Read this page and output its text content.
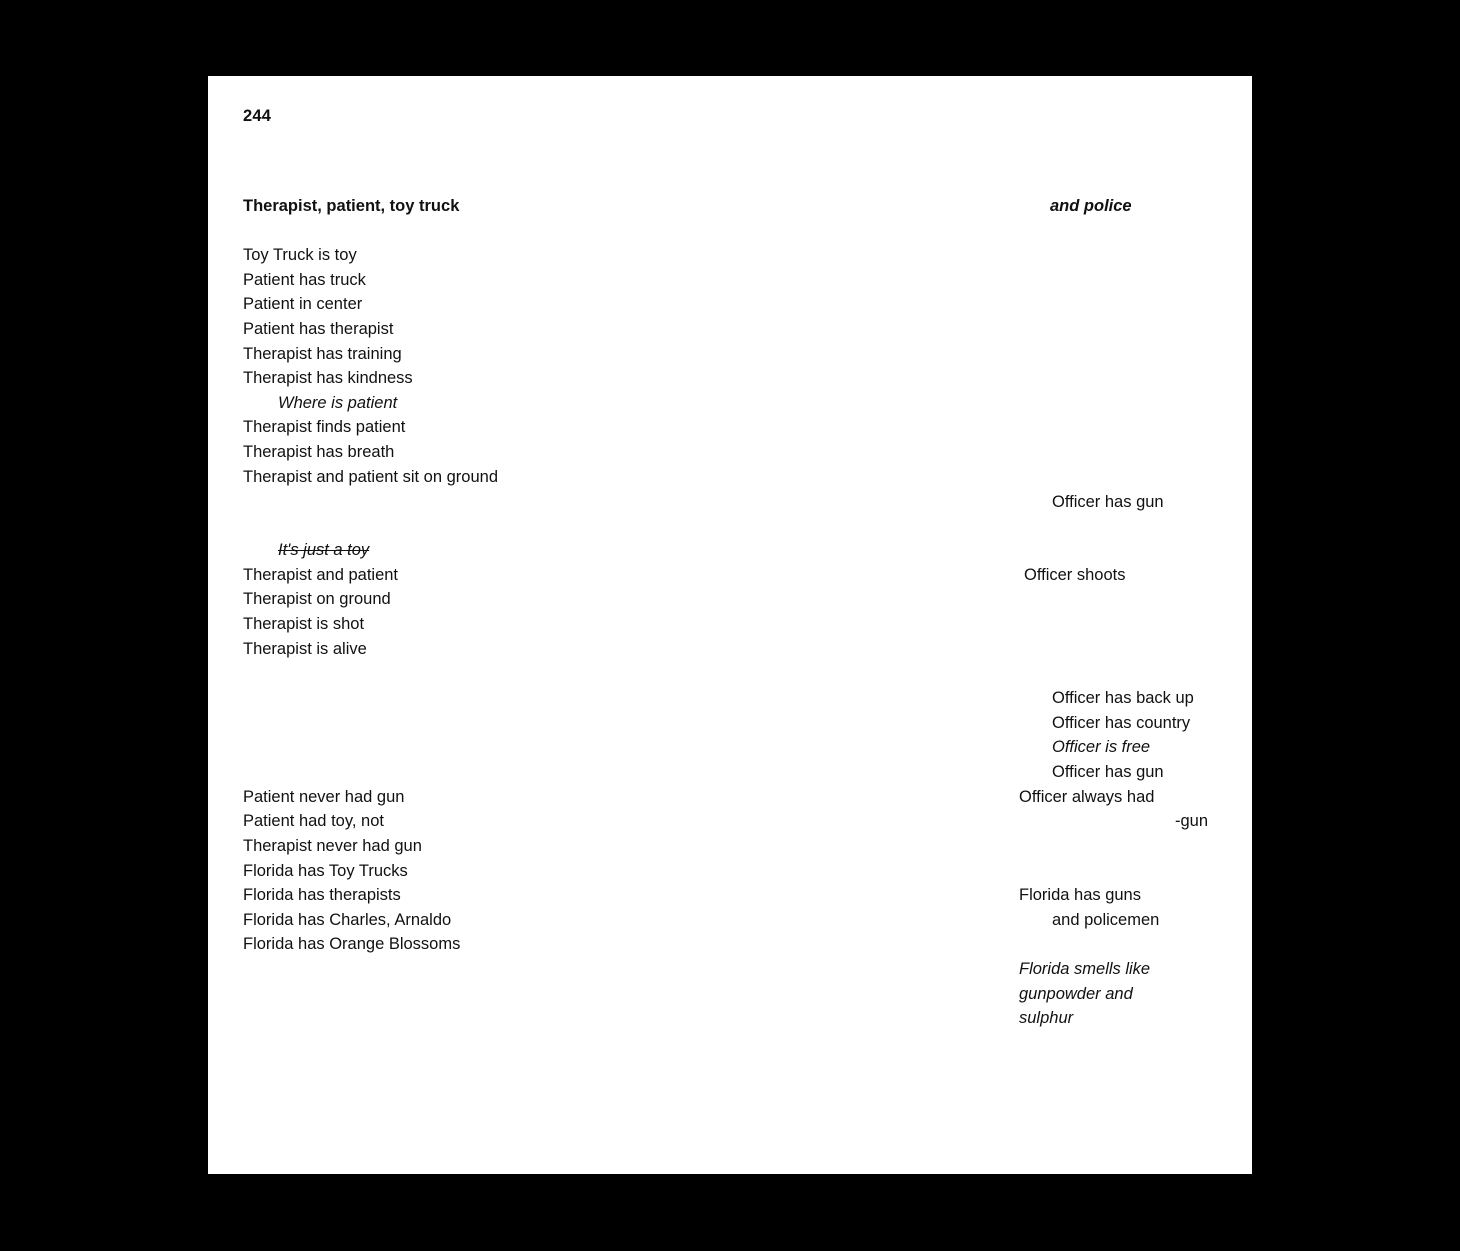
244
Therapist, patient, toy truck	and police
Toy Truck is toy
Patient has truck
Patient in center
Patient has therapist
Therapist has training
Therapist has kindness
Where is patient
Therapist finds patient
Therapist has breath
Therapist and patient sit on ground
Officer has gun
It's just a toy
Therapist and patient	Officer shoots
Therapist on ground
Therapist is shot
Therapist is alive
Officer has back up
Officer has country
Officer is free
Officer has gun
Officer always had
-gun
Patient never had gun
Patient had toy, not
Therapist never had gun
Florida has Toy Trucks
Florida has therapists
Florida has Charles, Arnaldo
Florida has Orange Blossoms
Florida has guns
and policemen
Florida smells like
gunpowder and
sulphur
